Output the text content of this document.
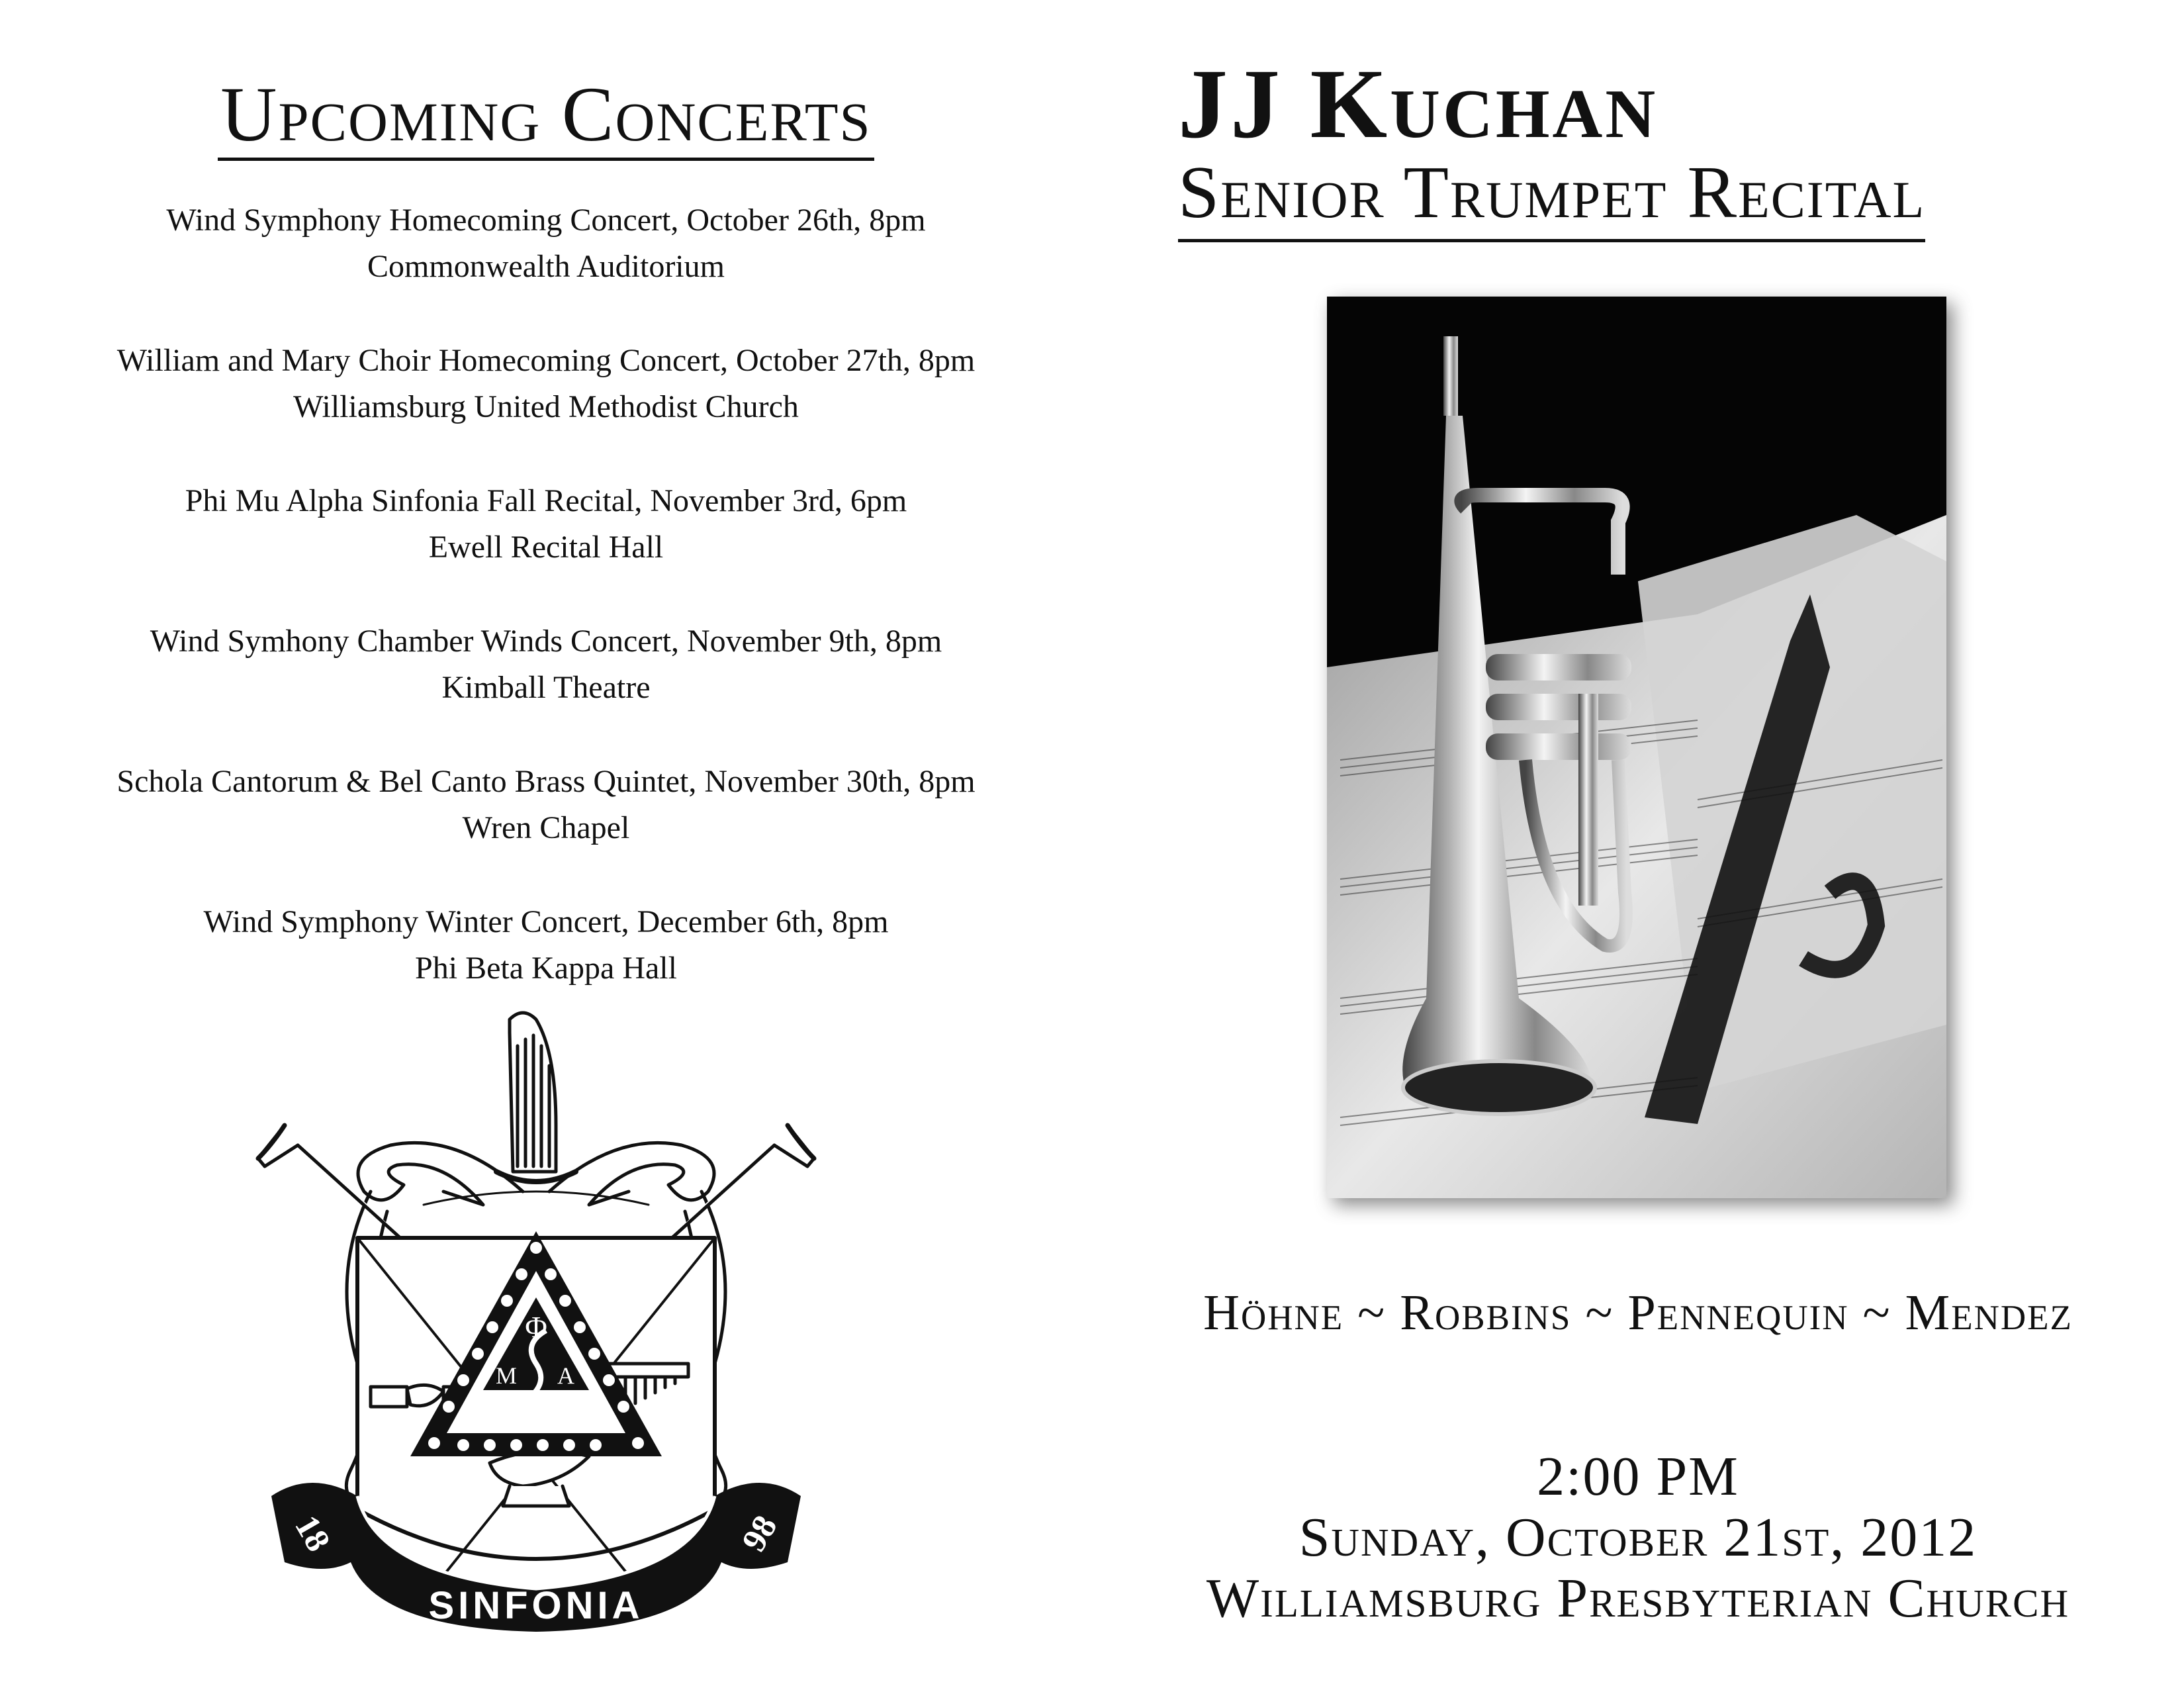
Upcoming Concerts
Wind Symphony Homecoming Concert, October 26th, 8pm
Commonwealth Auditorium
William and Mary Choir Homecoming Concert, October 27th, 8pm
Williamsburg United Methodist Church
Phi Mu Alpha Sinfonia Fall Recital, November 3rd, 6pm
Ewell Recital Hall
Wind Symhony Chamber Winds Concert, November 9th, 8pm
Kimball Theatre
Schola Cantorum & Bel Canto Brass Quintet, November 30th, 8pm
Wren Chapel
Wind Symphony Winter Concert, December 6th, 8pm
Phi Beta Kappa Hall
Φ
Μ Α
18	98
SINFONIA
JJ Kuchan
Senior Trumpet Recital
Höhne ~ Robbins ~ Pennequin ~ Mendez
2:00 PM
Sunday, October 21st, 2012
Williamsburg Presbyterian Church
